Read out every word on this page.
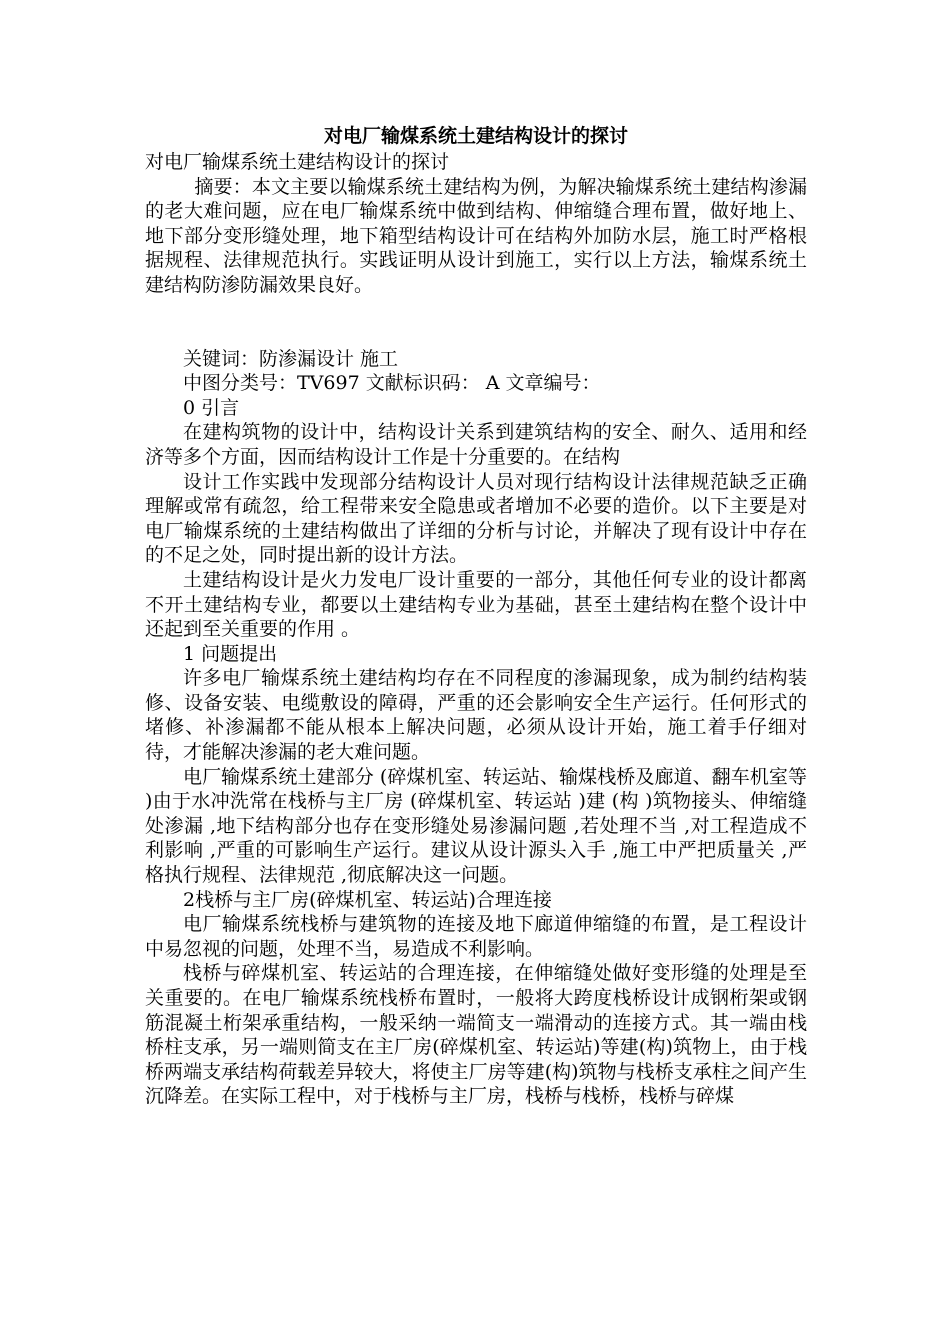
对电厂输煤系统土建结构设计的探讨

对电厂输煤系统土建结构设计的探讨

摘要：本文主要以输煤系统土建结构为例，为解决输煤系统土建结构渗漏的老大难问题，应在电厂输煤系统中做到结构、伸缩缝合理布置，做好地上、地下部分变形缝处理，地下箱型结构设计可在结构外加防水层，施工时严格根据规程、法律规范执行。实践证明从设计到施工，实行以上方法，输煤系统土建结构防渗防漏效果良好。

关键词：防渗漏设计 施工

中图分类号：TV697 文献标识码： A 文章编号：

0 引言

在建构筑物的设计中，结构设计关系到建筑结构的安全、耐久、适用和经济等多个方面，因而结构设计工作是十分重要的。在结构

设计工作实践中发现部分结构设计人员对现行结构设计法律规范缺乏正确理解或常有疏忽，给工程带来安全隐患或者增加不必要的造价。以下主要是对电厂输煤系统的土建结构做出了详细的分析与讨论，并解决了现有设计中存在的不足之处，同时提出新的设计方法。

土建结构设计是火力发电厂设计重要的一部分，其他任何专业的设计都离不开土建结构专业，都要以土建结构专业为基础，甚至土建结构在整个设计中还起到至关重要的作用 。

1 问题提出

许多电厂输煤系统土建结构均存在不同程度的渗漏现象，成为制约结构装修、设备安装、电缆敷设的障碍，严重的还会影响安全生产运行。任何形式的堵修、补渗漏都不能从根本上解决问题，必须从设计开始，施工着手仔细对待，才能解决渗漏的老大难问题。

电厂输煤系统土建部分 (碎煤机室、转运站、输煤栈桥及廊道、翻车机室等 )由于水冲洗常在栈桥与主厂房 (碎煤机室、转运站 )建 (构 )筑物接头、伸缩缝处渗漏 ,地下结构部分也存在变形缝处易渗漏问题 ,若处理不当 ,对工程造成不利影响 ,严重的可影响生产运行。建议从设计源头入手 ,施工中严把质量关 ,严格执行规程、法律规范 ,彻底解决这一问题。

2栈桥与主厂房(碎煤机室、转运站)合理连接

电厂输煤系统栈桥与建筑物的连接及地下廊道伸缩缝的布置，是工程设计中易忽视的问题，处理不当，易造成不利影响。

栈桥与碎煤机室、转运站的合理连接，在伸缩缝处做好变形缝的处理是至关重要的。在电厂输煤系统栈桥布置时，一般将大跨度栈桥设计成钢桁架或钢筋混凝土桁架承重结构，一般采纳一端简支一端滑动的连接方式。其一端由栈桥柱支承，另一端则简支在主厂房(碎煤机室、转运站)等建(构)筑物上，由于栈桥两端支承结构荷载差异较大，将使主厂房等建(构)筑物与栈桥支承柱之间产生沉降差。在实际工程中，对于栈桥与主厂房，栈桥与栈桥，栈桥与碎煤
